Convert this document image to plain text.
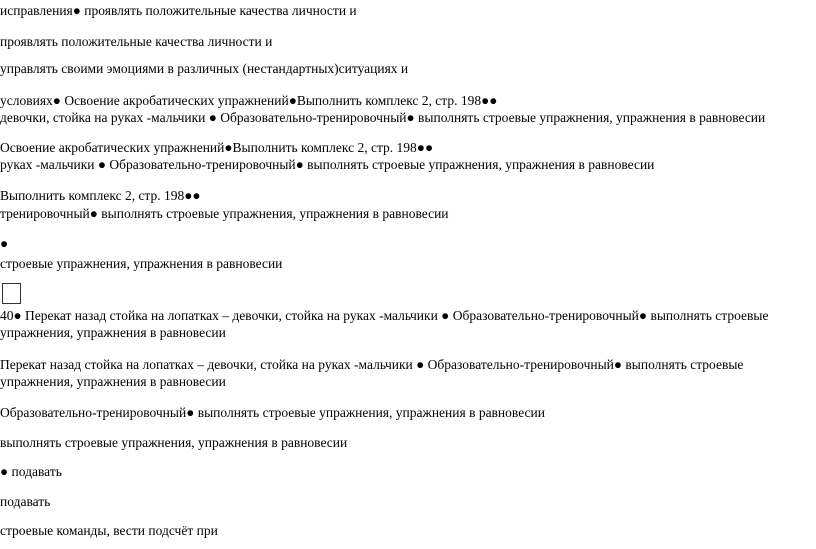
исправления● проявлять положительные качества личности и
проявлять положительные качества личности и
управлять своими эмоциями в различных (нестандартных)ситуациях и
условиях● Освоение акробатических упражнений●Выполнить комплекс 2, стр. 198●●
девочки, стойка на руках -мальчики ● Образовательно-тренировочный● выполнять строевые упражнения, упражнения в равновесии
Освоение акробатических упражнений●Выполнить комплекс 2, стр. 198●●
руках -мальчики ● Образовательно-тренировочный● выполнять строевые упражнения, упражнения в равновесии
Выполнить комплекс 2, стр. 198●●
тренировочный● выполнять строевые упражнения, упражнения в равновесии
●
строевые упражнения, упражнения в равновесии
40● Перекат назад стойка на лопатках – девочки, стойка на руках -мальчики ● Образовательно-тренировочный● выполнять строевые упражнения, упражнения в равновесии
Перекат назад стойка на лопатках – девочки, стойка на руках -мальчики ● Образовательно-тренировочный● выполнять строевые упражнения, упражнения в равновесии
Образовательно-тренировочный● выполнять строевые упражнения, упражнения в равновесии
выполнять строевые упражнения, упражнения в равновесии
● подавать
подавать
строевые команды, вести подсчёт при
